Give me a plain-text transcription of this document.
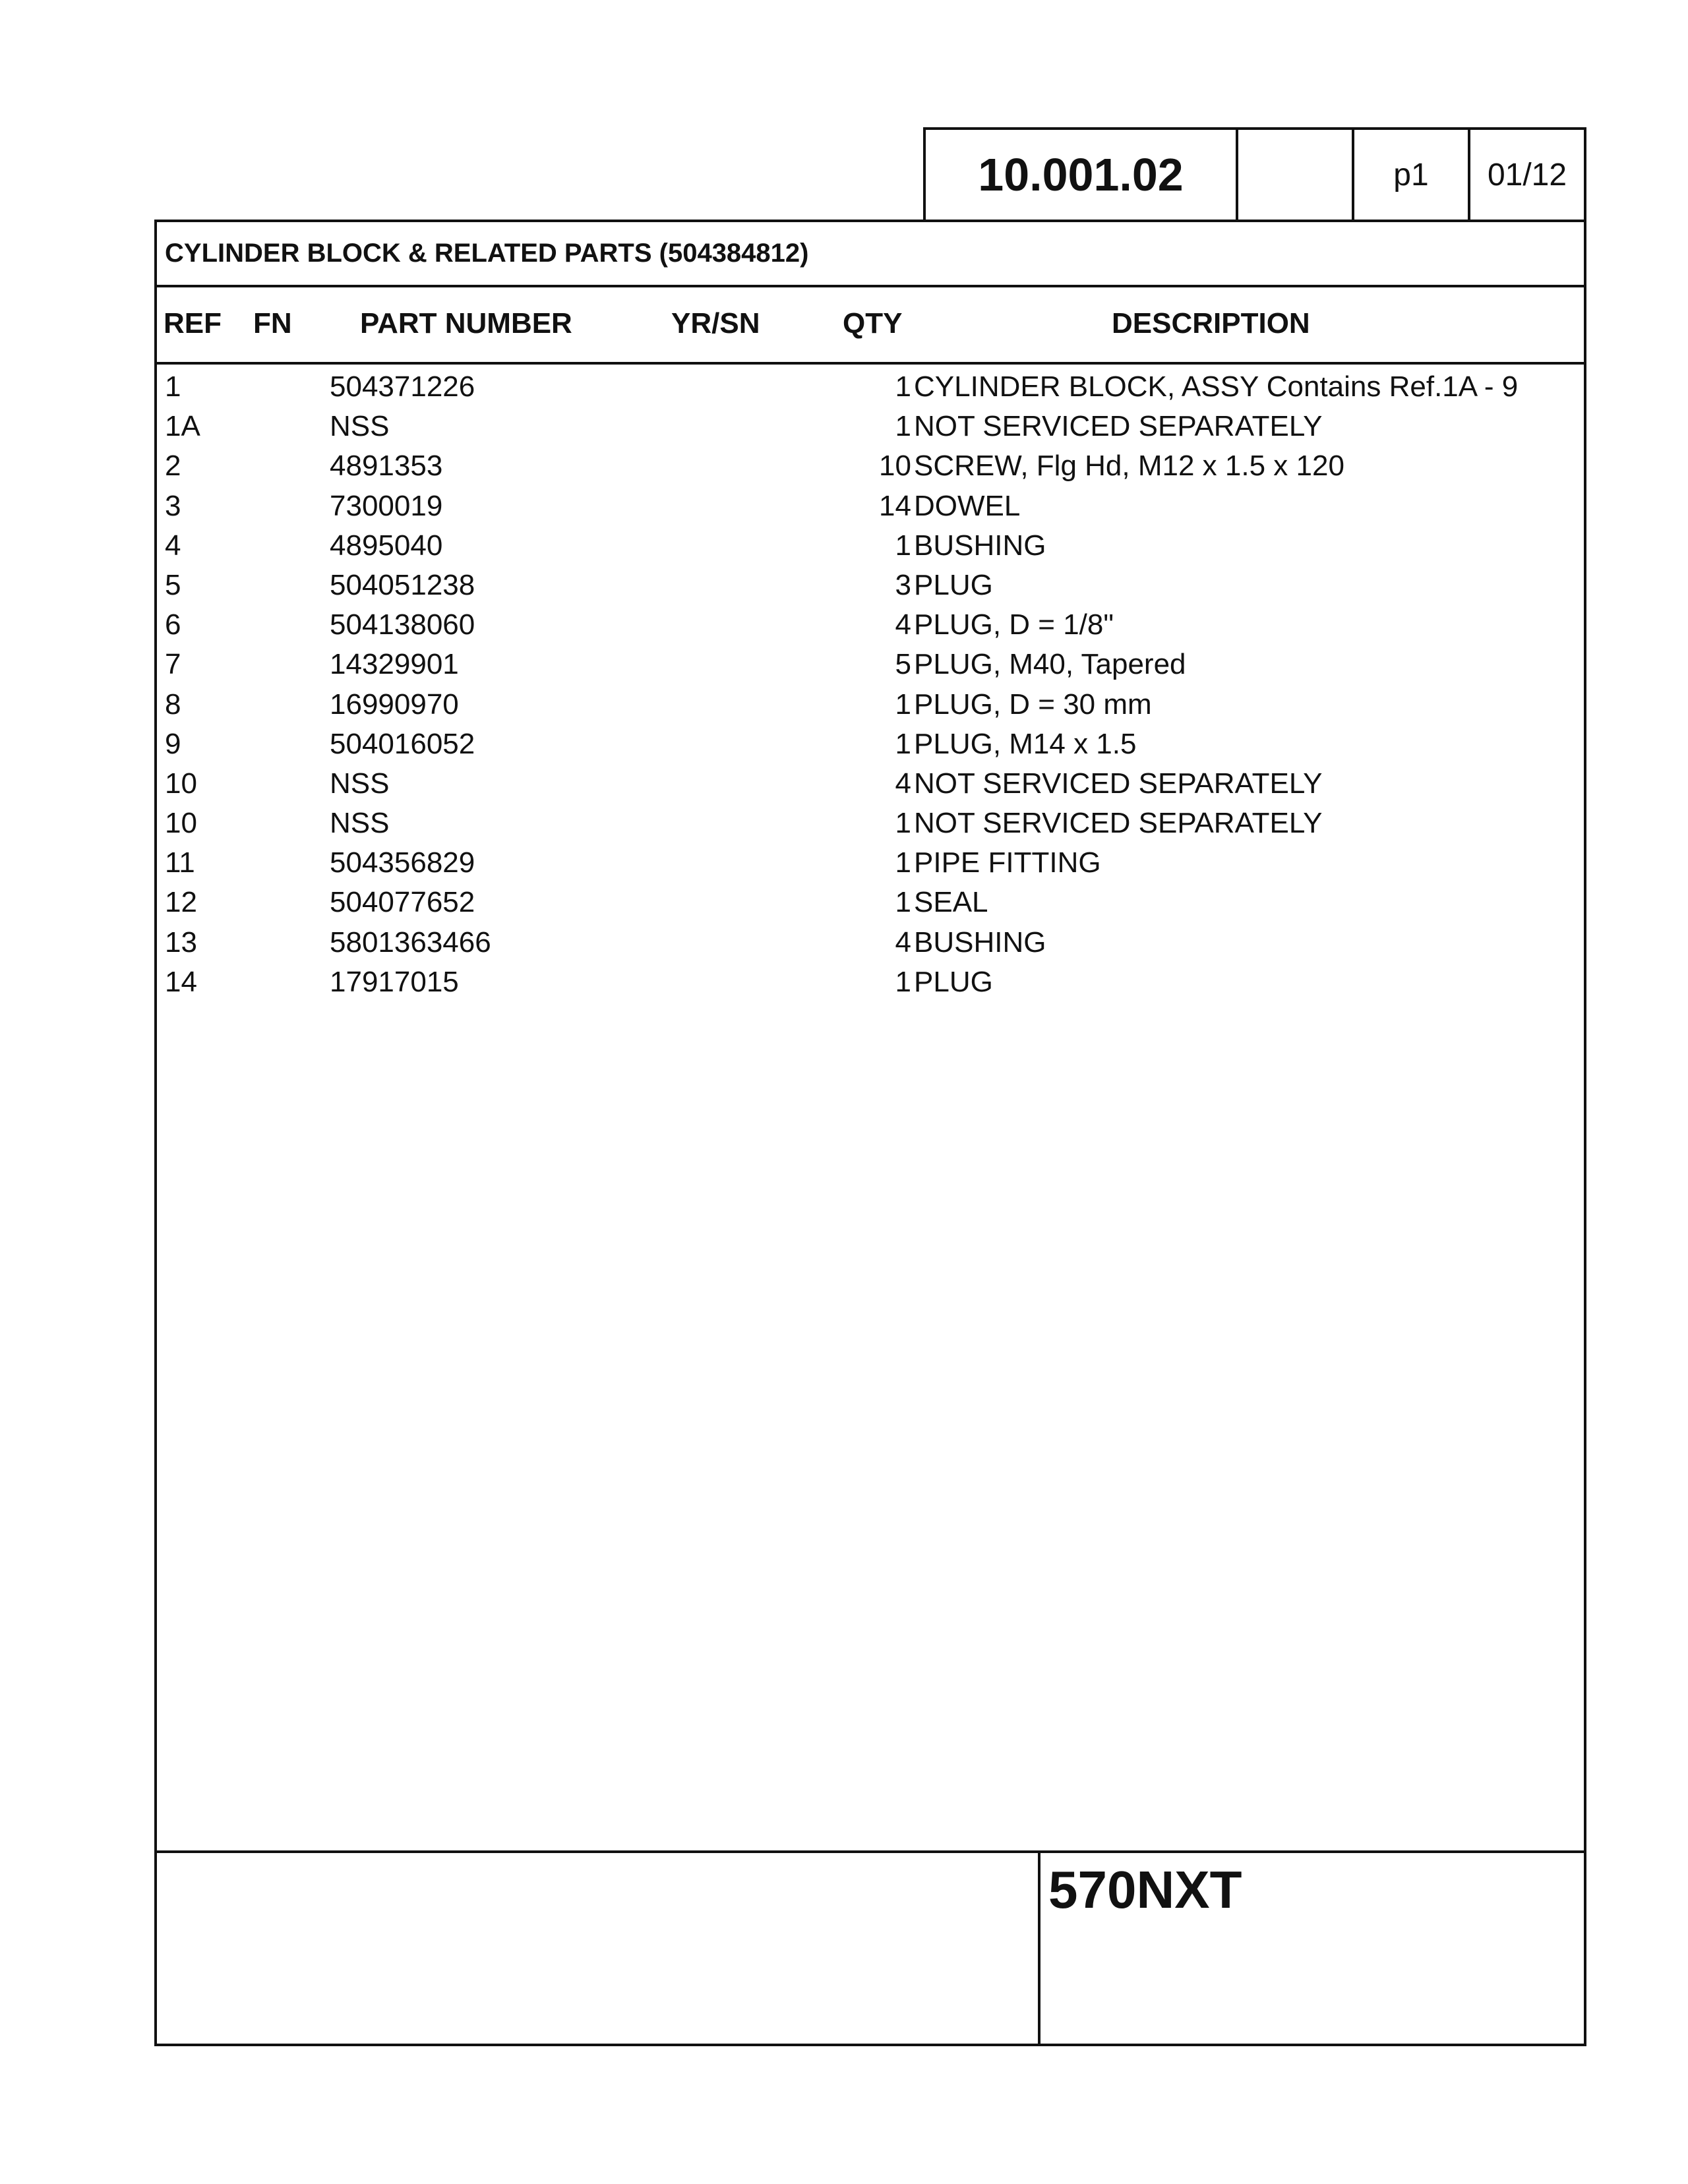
10.001.02	p1	01/12
CYLINDER BLOCK & RELATED PARTS (504384812)
REF FN PART NUMBER	YR/SN	QTY	DESCRIPTION
1	504371226	1 CYLINDER BLOCK, ASSY Contains Ref.1A - 9
1A	NSS	1 NOT SERVICED SEPARATELY
2	4891353	10 SCREW, Flg Hd, M12 x 1.5 x 120
3	7300019	14 DOWEL
4	4895040	1 BUSHING
5	504051238	3 PLUG
6	504138060	4 PLUG, D = 1/8"
7	14329901	5 PLUG, M40, Tapered
8	16990970	1 PLUG, D = 30 mm
9	504016052	1 PLUG, M14 x 1.5
10	NSS	4 NOT SERVICED SEPARATELY
10	NSS	1 NOT SERVICED SEPARATELY
11	504356829	1 PIPE FITTING
12	504077652	1 SEAL
13	5801363466	4 BUSHING
14	17917015	1 PLUG
570NXT
